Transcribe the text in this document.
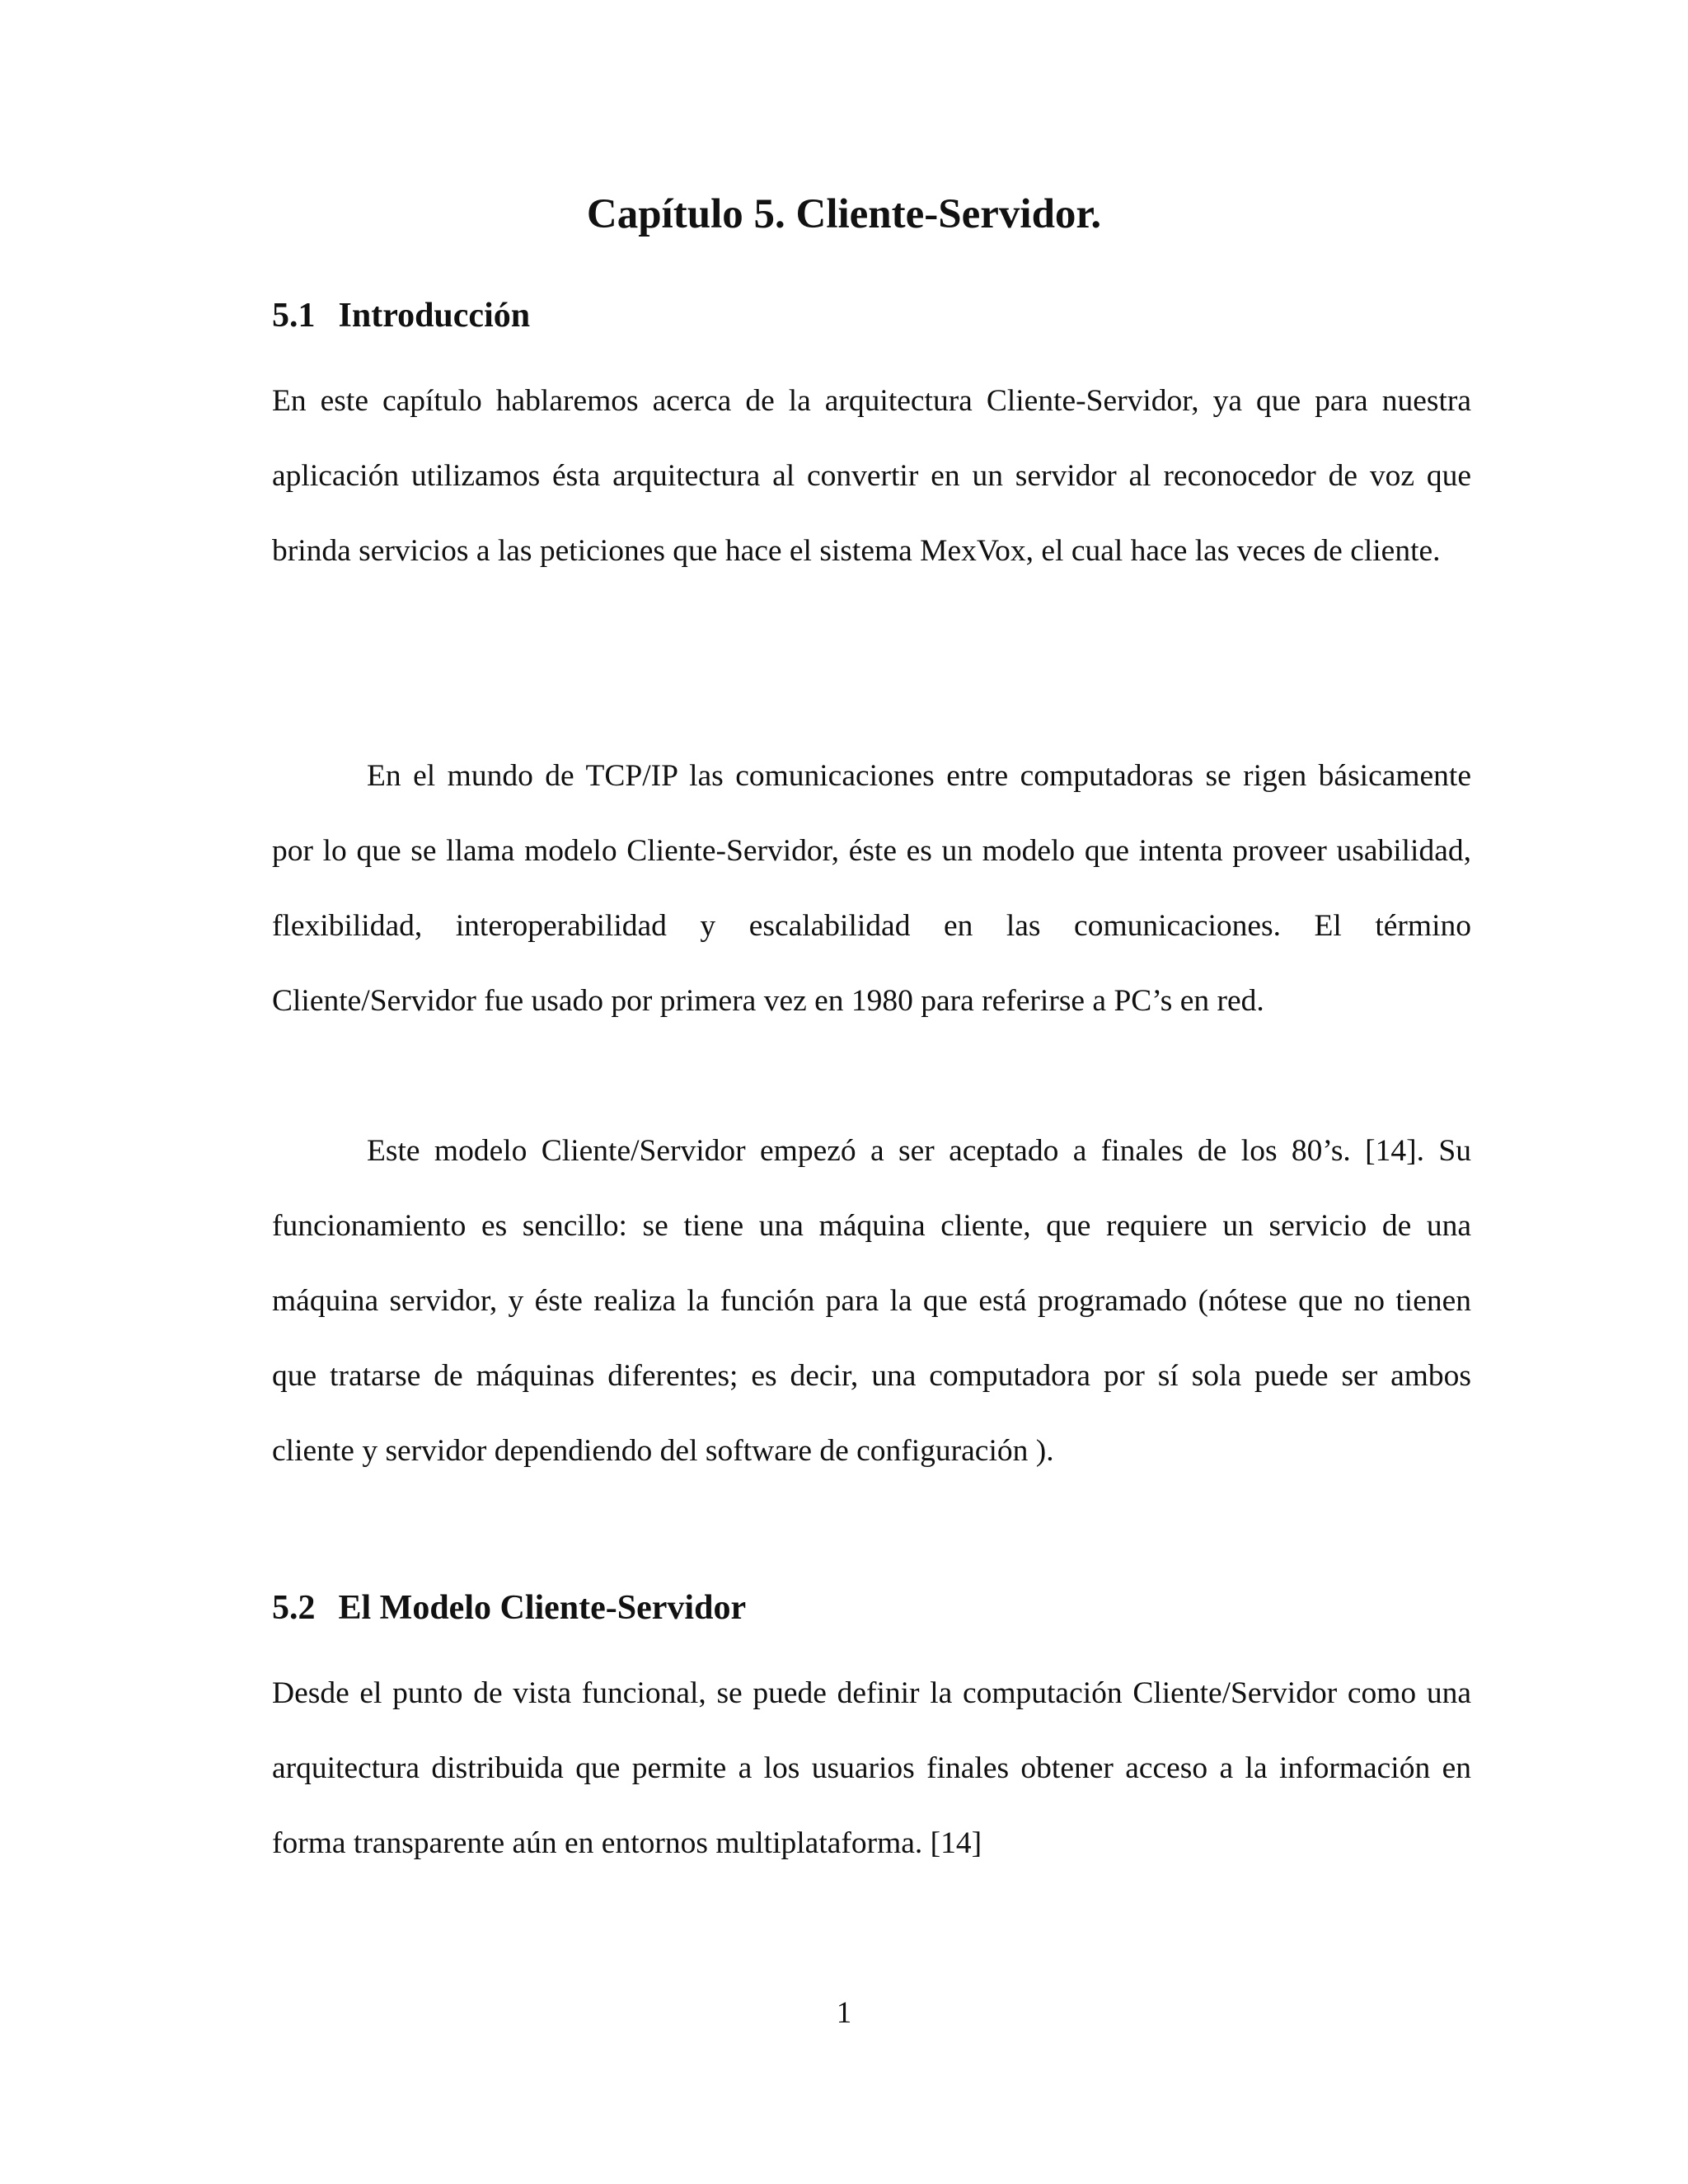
Capítulo 5. Cliente-Servidor.
5.1 Introducción

En este capítulo hablaremos acerca de la arquitectura Cliente-Servidor, ya que para nuestra aplicación utilizamos ésta arquitectura al convertir en un servidor al reconocedor de voz que brinda servicios a las peticiones que hace el sistema MexVox, el cual hace las veces de cliente.

En el mundo de TCP/IP las comunicaciones entre computadoras se rigen básicamente por lo que se llama modelo Cliente-Servidor, éste es un modelo que intenta proveer usabilidad, flexibilidad, interoperabilidad y escalabilidad en las comunicaciones. El término Cliente/Servidor fue usado por primera vez en 1980 para referirse a PC’s en red.

Este modelo Cliente/Servidor empezó a ser aceptado a finales de los 80’s. [14]. Su funcionamiento es sencillo: se tiene una máquina cliente, que requiere un servicio de una máquina servidor, y éste realiza la función para la que está programado (nótese que no tienen que tratarse de máquinas diferentes; es decir, una computadora por sí sola puede ser ambos cliente y servidor dependiendo del software de configuración ).

5.2 El Modelo Cliente-Servidor

Desde el punto de vista funcional, se puede definir la computación Cliente/Servidor como una arquitectura distribuida que permite a los usuarios finales obtener acceso a la información en forma transparente aún en entornos multiplataforma. [14]

1
